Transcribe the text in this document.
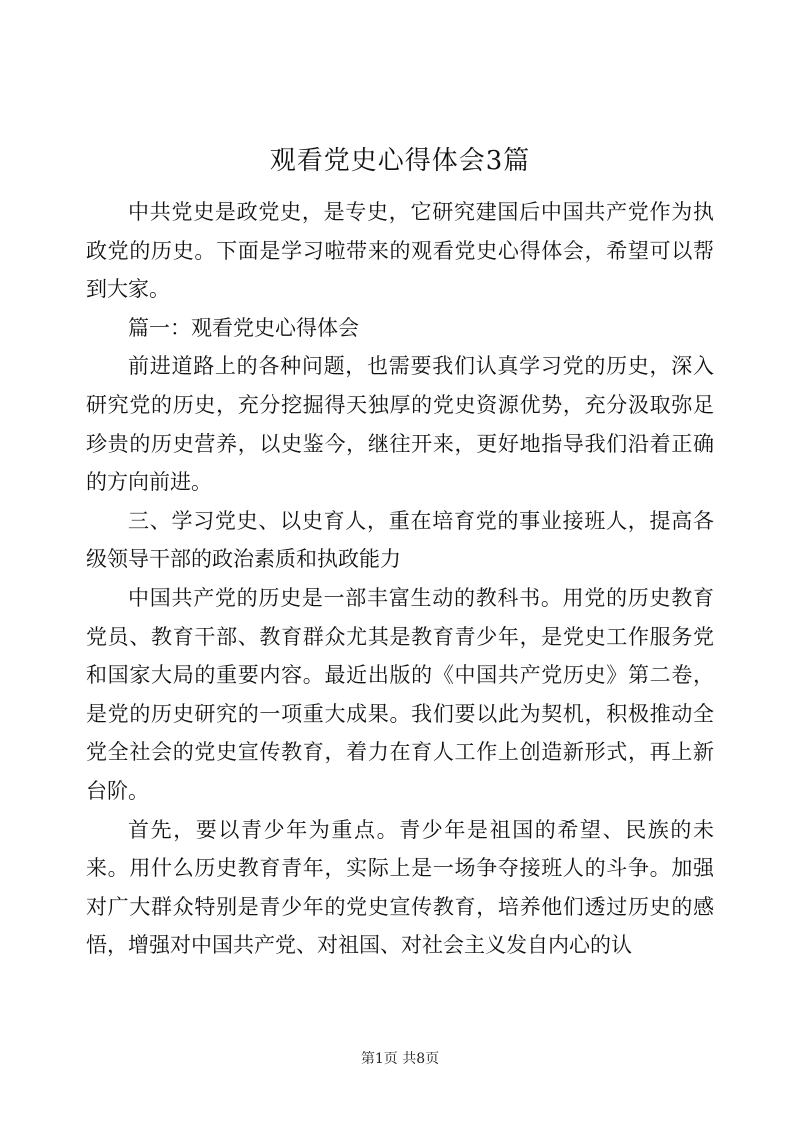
观看党史心得体会3篇

中共党史是政党史，是专史，它研究建国后中国共产党作为执政党的历史。下面是学习啦带来的观看党史心得体会，希望可以帮到大家。

篇一：观看党史心得体会

前进道路上的各种问题，也需要我们认真学习党的历史，深入研究党的历史，充分挖掘得天独厚的党史资源优势，充分汲取弥足珍贵的历史营养，以史鉴今，继往开来，更好地指导我们沿着正确的方向前进。

三、学习党史、以史育人，重在培育党的事业接班人，提高各级领导干部的政治素质和执政能力

中国共产党的历史是一部丰富生动的教科书。用党的历史教育党员、教育干部、教育群众尤其是教育青少年，是党史工作服务党和国家大局的重要内容。最近出版的《中国共产党历史》第二卷，是党的历史研究的一项重大成果。我们要以此为契机，积极推动全党全社会的党史宣传教育，着力在育人工作上创造新形式，再上新台阶。

首先，要以青少年为重点。青少年是祖国的希望、民族的未来。用什么历史教育青年，实际上是一场争夺接班人的斗争。加强对广大群众特别是青少年的党史宣传教育，培养他们透过历史的感悟，增强对中国共产党、对祖国、对社会主义发自内心的认

第1页 共8页
